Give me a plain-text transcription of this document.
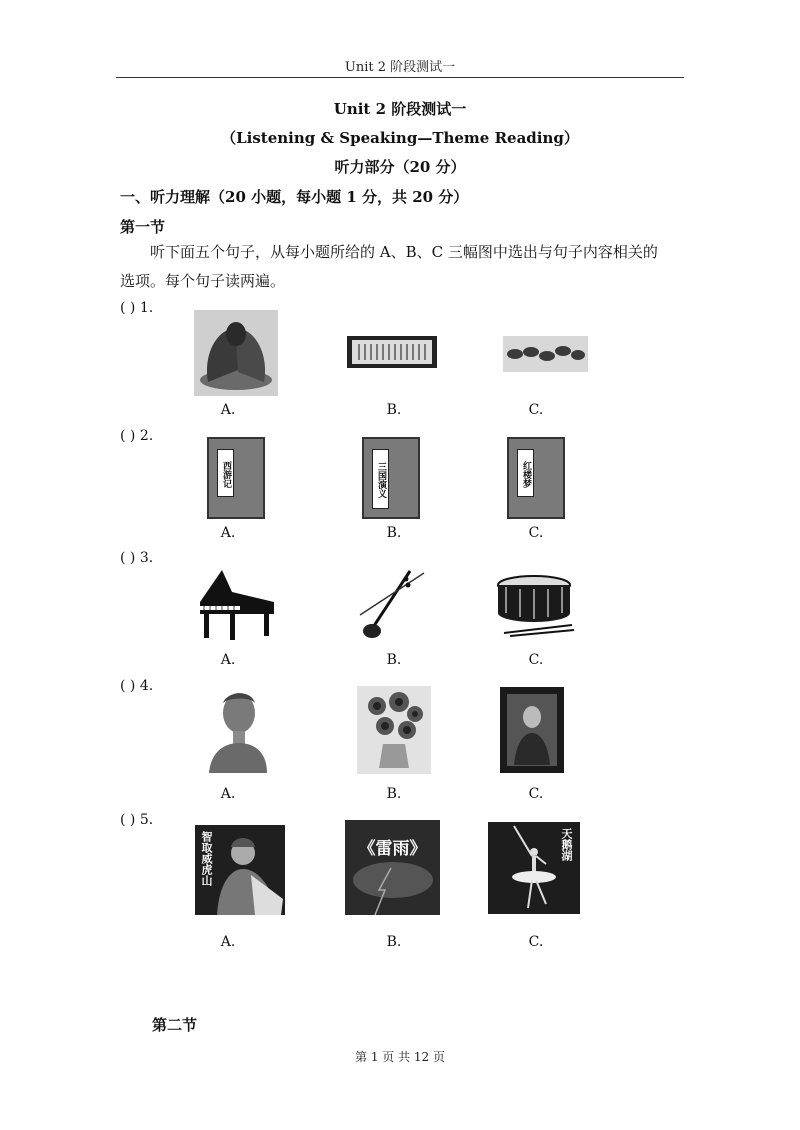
Unit 2 阶段测试一
Unit 2 阶段测试一
（Listening & Speaking—Theme Reading）
听力部分（20 分）
一、听力理解（20 小题，每小题 1 分，共 20 分）
第一节
听下面五个句子，从每小题所给的 A、B、C 三幅图中选出与句子内容相关的
选项。每个句子读两遍。
( ) 1.
A.	B.	C.
( ) 2.
西游记	三国演义	红楼梦
A.	B.	C.
( ) 3.
A.	B.	C.
( ) 4.
A.	B.	C.
( ) 5.
智取威虎山	《雷雨》	天鹅湖
A.	B.	C.
第二节
第 1 页 共 12 页
